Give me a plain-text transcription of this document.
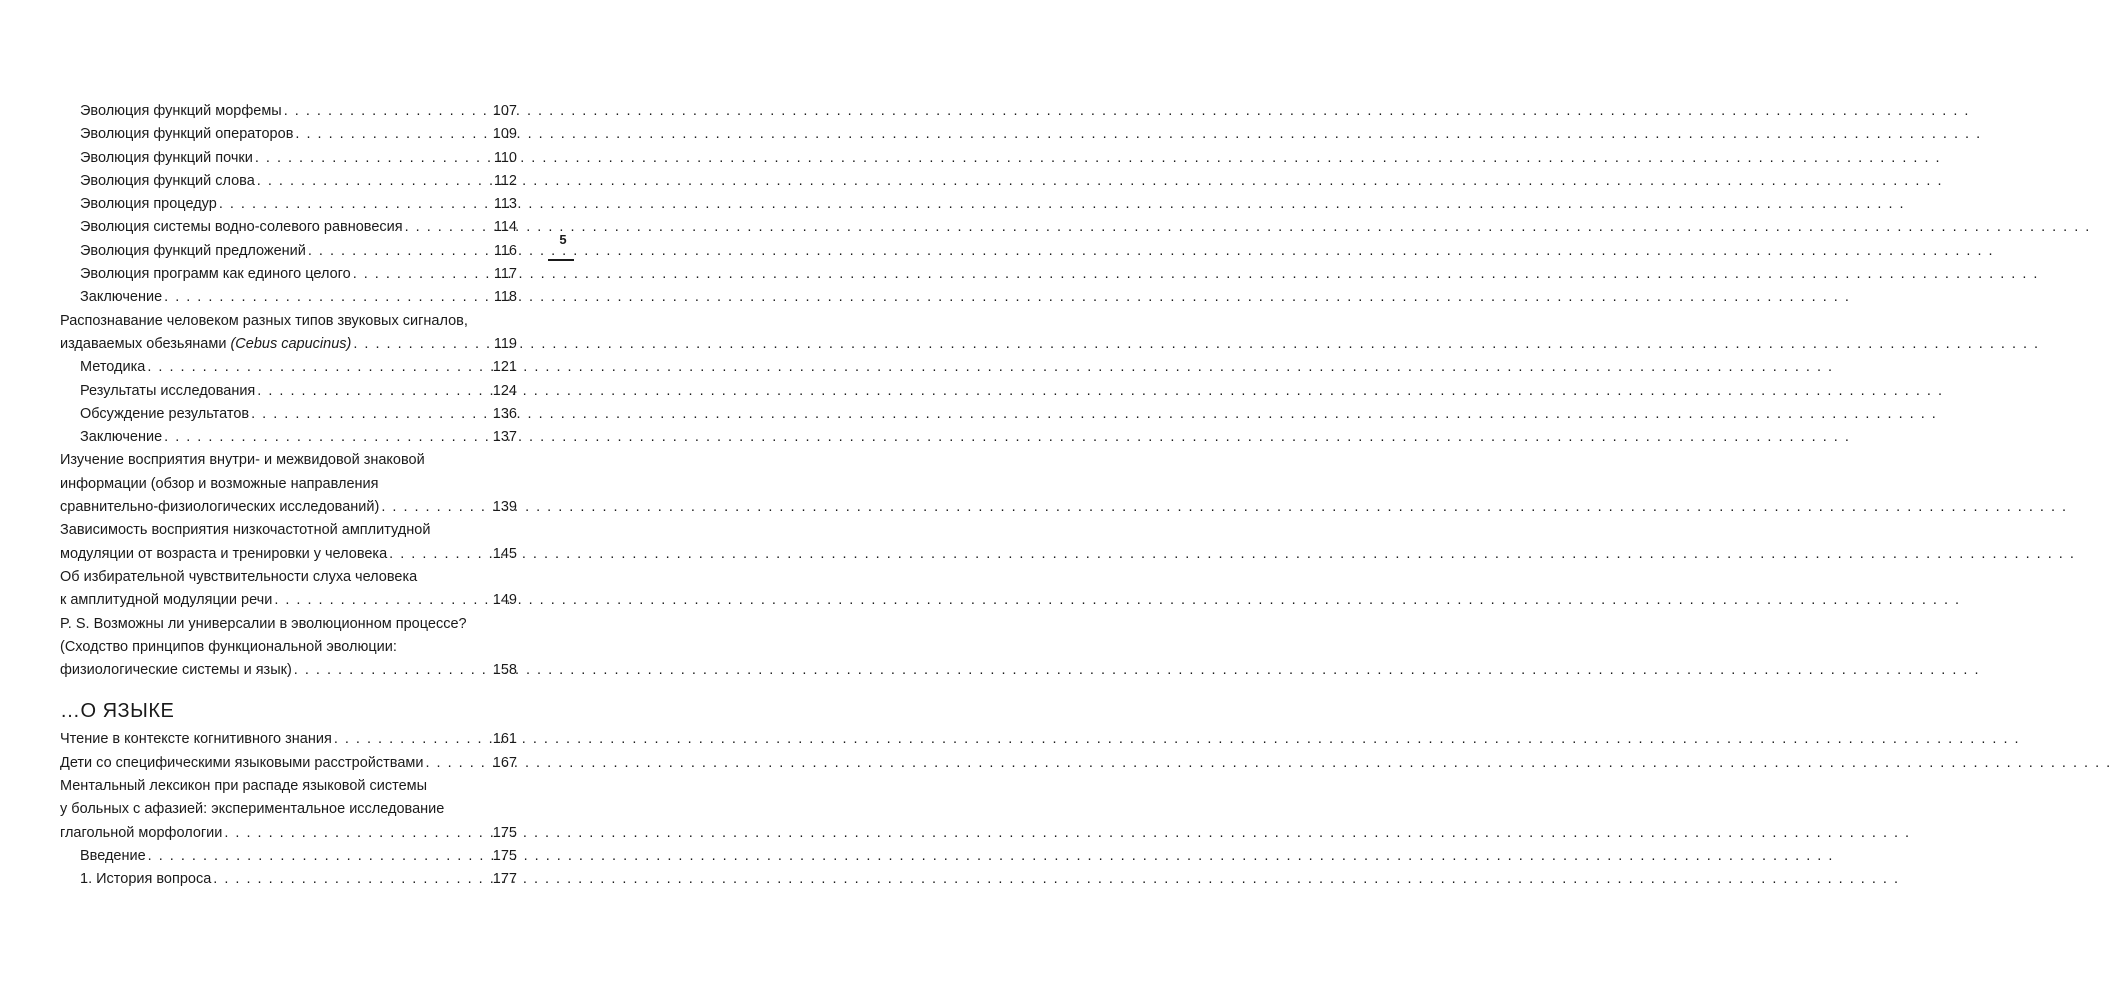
Эволюция функций морфемы . . .	107
Эволюция функций операторов . . .	109
Эволюция функций почки . . .	110
Эволюция функций слова . . .	112
Эволюция процедур . . .	113
Эволюция системы водно-солевого равновесия . . .	114
Эволюция функций предложений . . .	116
Эволюция программ как единого целого . . .	117
Заключение . . .	118
Распознавание человеком разных типов звуковых сигналов,
издаваемых обезьянами (Cebus capucinus) . . .	119
Методика . . .	121
Результаты исследования . . .	124
Обсуждение результатов . . .	136
Заключение . . .	137
Изучение восприятия внутри- и межвидовой знаковой
информации (обзор и возможные направления
сравнительно-физиологических исследований) . . .	139
Зависимость восприятия низкочастотной амплитудной
модуляции от возраста и тренировки у человека . . .	145
Об избирательной чувствительности слуха человека
к амплитудной модуляции речи . . .	149
P. S. Возможны ли универсалии в эволюционном процессе?
(Сходство принципов функциональной эволюции:
физиологические системы и язык) . . .	158
…О ЯЗЫКЕ
Чтение в контексте когнитивного знания . . .	161
Дети со специфическими языковыми расстройствами . . .	167
Ментальный лексикон при распаде языковой системы
у больных с афазией: экспериментальное исследование
глагольной морфологии . . .	175
Введение . . .	175
1. История вопроса . . .	177
5
